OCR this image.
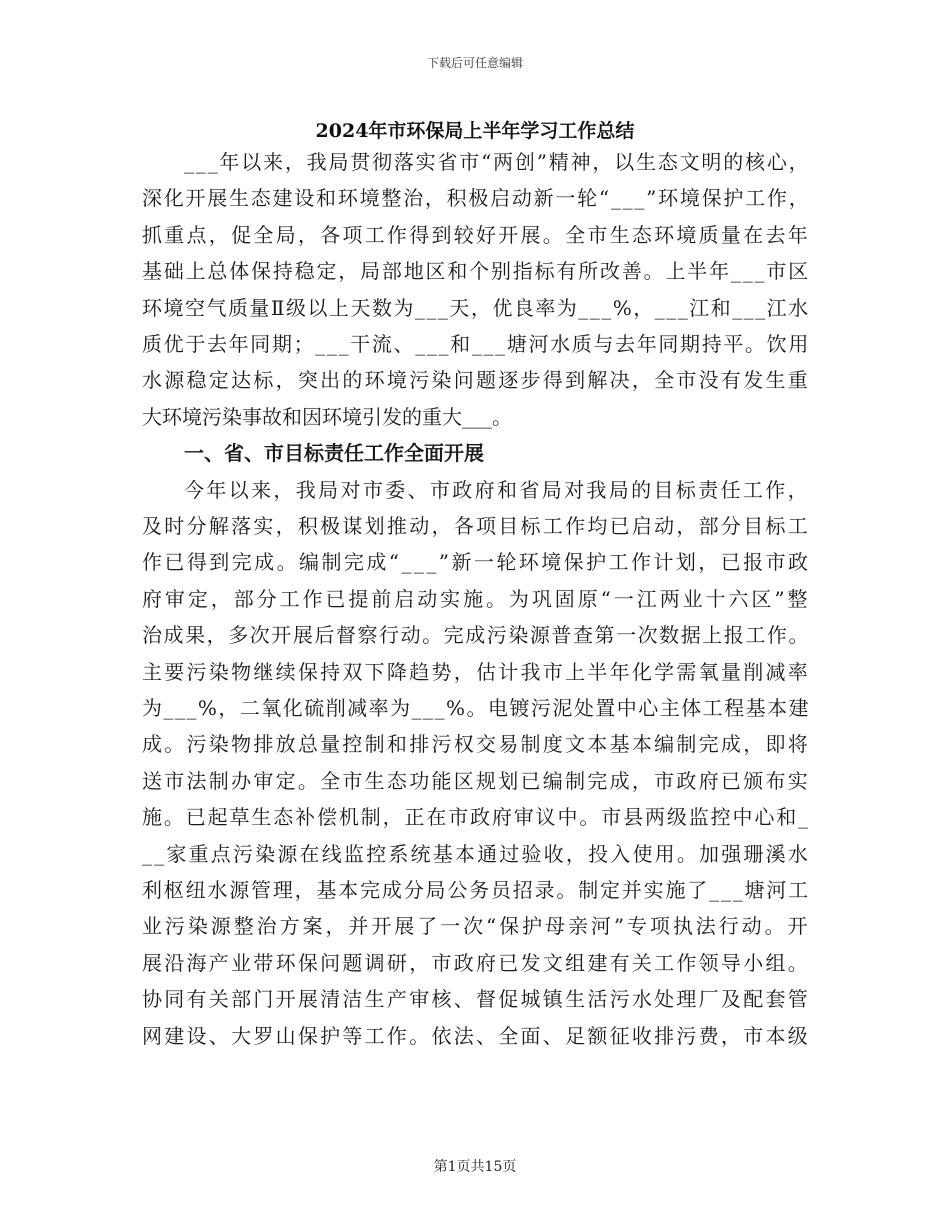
下载后可任意编辑
2024年市环保局上半年学习工作总结
___年以来，我局贯彻落实省市“两创”精神，以生态文明的核心，
深化开展生态建设和环境整治，积极启动新一轮“___”环境保护工作，
抓重点，促全局，各项工作得到较好开展。全市生态环境质量在去年
基础上总体保持稳定，局部地区和个别指标有所改善。上半年___市区
环境空气质量Ⅱ级以上天数为___天，优良率为___%，___江和___江水
质优于去年同期；___干流、___和___塘河水质与去年同期持平。饮用
水源稳定达标，突出的环境污染问题逐步得到解决，全市没有发生重
大环境污染事故和因环境引发的重大___。
一、省、市目标责任工作全面开展
今年以来，我局对市委、市政府和省局对我局的目标责任工作，
及时分解落实，积极谋划推动，各项目标工作均已启动，部分目标工
作已得到完成。编制完成“___”新一轮环境保护工作计划，已报市政
府审定，部分工作已提前启动实施。为巩固原“一江两业十六区”整
治成果，多次开展后督察行动。完成污染源普查第一次数据上报工作。
主要污染物继续保持双下降趋势，估计我市上半年化学需氧量削减率
为___%，二氧化硫削减率为___%。电镀污泥处置中心主体工程基本建
成。污染物排放总量控制和排污权交易制度文本基本编制完成，即将
送市法制办审定。全市生态功能区规划已编制完成，市政府已颁布实
施。已起草生态补偿机制，正在市政府审议中。市县两级监控中心和_
__家重点污染源在线监控系统基本通过验收，投入使用。加强珊溪水
利枢纽水源管理，基本完成分局公务员招录。制定并实施了___塘河工
业污染源整治方案，并开展了一次“保护母亲河”专项执法行动。开
展沿海产业带环保问题调研，市政府已发文组建有关工作领导小组。
协同有关部门开展清洁生产审核、督促城镇生活污水处理厂及配套管
网建设、大罗山保护等工作。依法、全面、足额征收排污费，市本级
第1页共15页
